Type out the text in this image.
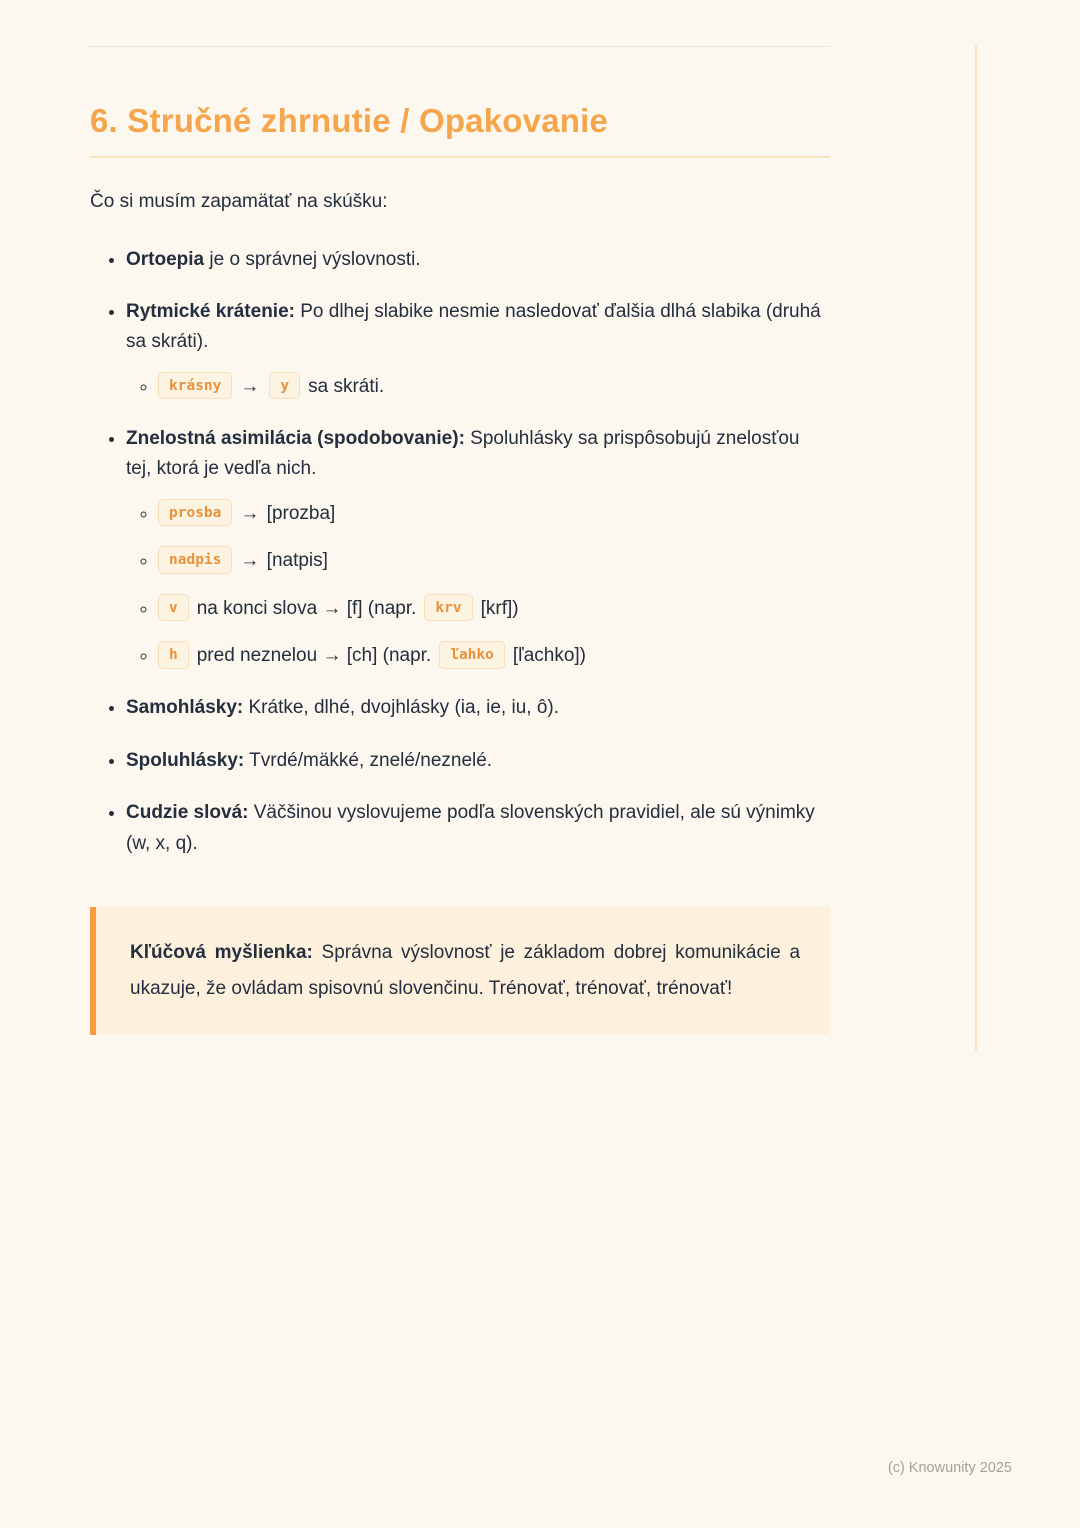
6. Stručné zhrnutie / Opakovanie

Čo si musím zapamätať na skúšku:

• Ortoepia je o správnej výslovnosti.
• Rytmické krátenie: Po dlhej slabike nesmie nasledovať ďalšia dlhá slabika (druhá sa skráti).
◦ krásny → y sa skráti.
• Znelostná asimilácia (spodobovanie): Spoluhlásky sa prispôsobujú znelosťou tej, ktorá je vedľa nich.
◦ prosba → [prozba]
◦ nadpis → [natpis]
◦ v na konci slova → [f] (napr. krv [krf])
◦ h pred neznelou → [ch] (napr. ľahko [ľachko])
• Samohlásky: Krátke, dlhé, dvojhlásky (ia, ie, iu, ô).
• Spoluhlásky: Tvrdé/mäkké, znelé/neznelé.
• Cudzie slová: Väčšinou vyslovujeme podľa slovenských pravidiel, ale sú výnimky (w, x, q).

Kľúčová myšlienka: Správna výslovnosť je základom dobrej komunikácie a ukazuje, že ovládam spisovnú slovenčinu. Trénovať, trénovať, trénovať!

(c) Knowunity 2025
